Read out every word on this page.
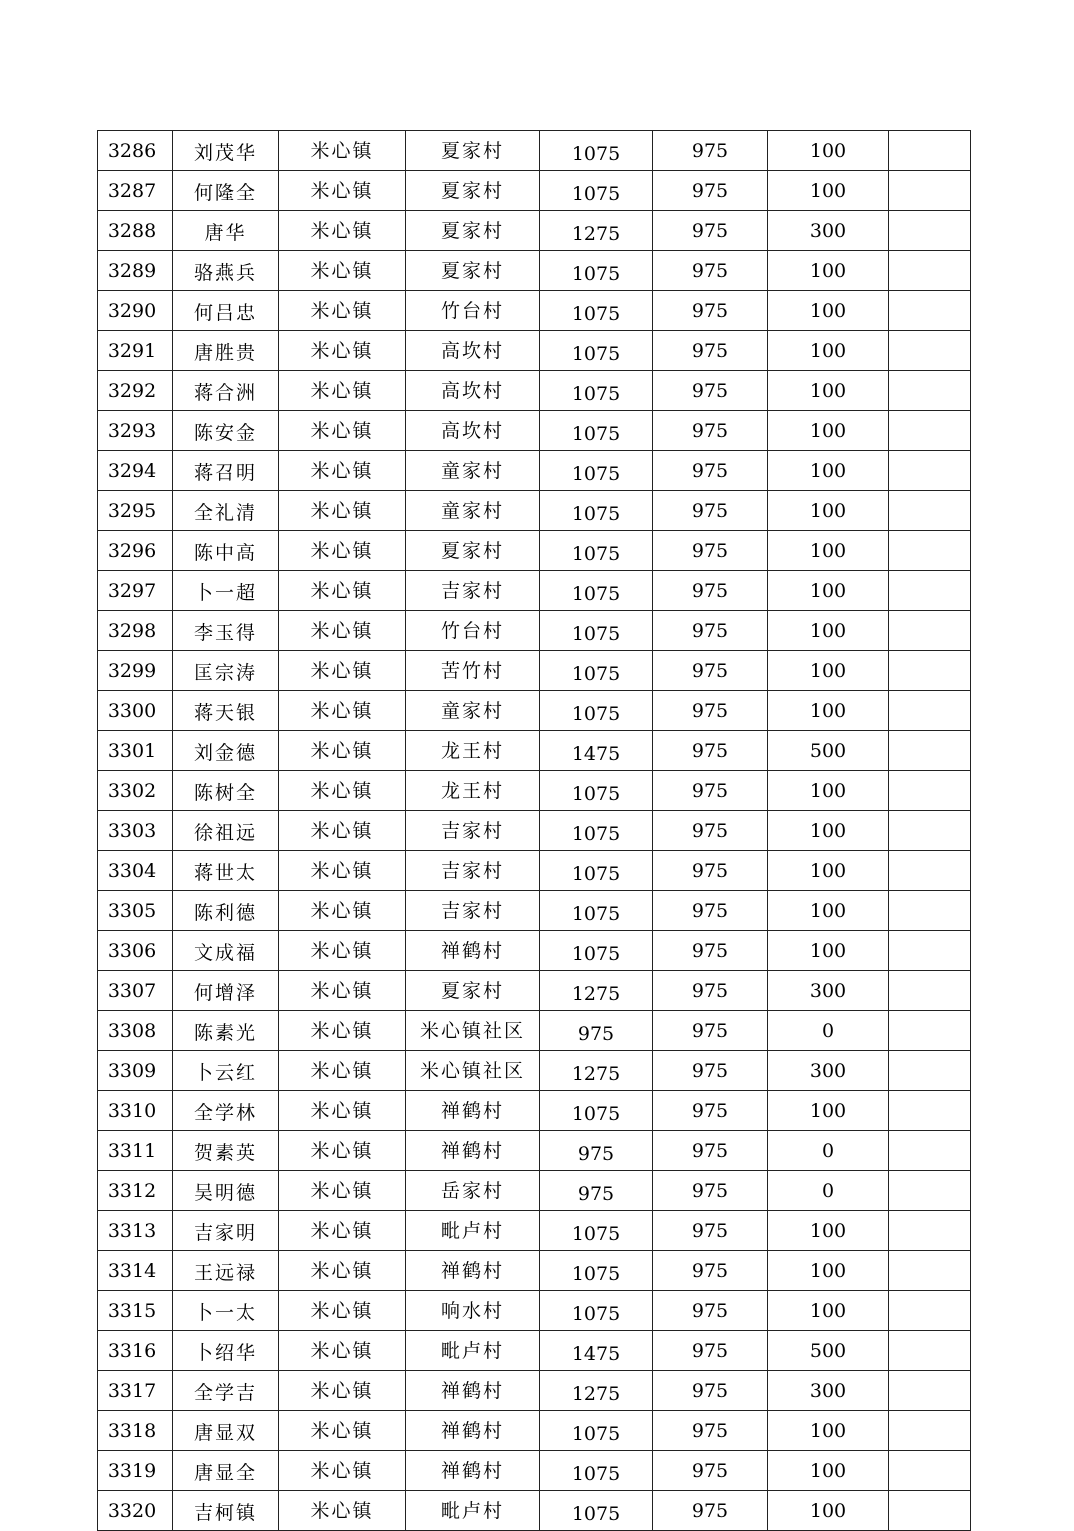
3286	刘茂华	米心镇	夏家村	1075	975	100	
3287	何隆全	米心镇	夏家村	1075	975	100	
3288	唐华	米心镇	夏家村	1275	975	300	
3289	骆燕兵	米心镇	夏家村	1075	975	100	
3290	何吕忠	米心镇	竹台村	1075	975	100	
3291	唐胜贵	米心镇	高坎村	1075	975	100	
3292	蒋合洲	米心镇	高坎村	1075	975	100	
3293	陈安金	米心镇	高坎村	1075	975	100	
3294	蒋召明	米心镇	童家村	1075	975	100	
3295	全礼清	米心镇	童家村	1075	975	100	
3296	陈中高	米心镇	夏家村	1075	975	100	
3297	卜一超	米心镇	吉家村	1075	975	100	
3298	李玉得	米心镇	竹台村	1075	975	100	
3299	匡宗涛	米心镇	苦竹村	1075	975	100	
3300	蒋天银	米心镇	童家村	1075	975	100	
3301	刘金德	米心镇	龙王村	1475	975	500	
3302	陈树全	米心镇	龙王村	1075	975	100	
3303	徐祖远	米心镇	吉家村	1075	975	100	
3304	蒋世太	米心镇	吉家村	1075	975	100	
3305	陈利德	米心镇	吉家村	1075	975	100	
3306	文成福	米心镇	禅鹤村	1075	975	100	
3307	何增泽	米心镇	夏家村	1275	975	300	
3308	陈素光	米心镇	米心镇社区	975	975	0	
3309	卜云红	米心镇	米心镇社区	1275	975	300	
3310	全学林	米心镇	禅鹤村	1075	975	100	
3311	贺素英	米心镇	禅鹤村	975	975	0	
3312	吴明德	米心镇	岳家村	975	975	0	
3313	吉家明	米心镇	毗卢村	1075	975	100	
3314	王远禄	米心镇	禅鹤村	1075	975	100	
3315	卜一太	米心镇	响水村	1075	975	100	
3316	卜绍华	米心镇	毗卢村	1475	975	500	
3317	全学吉	米心镇	禅鹤村	1275	975	300	
3318	唐显双	米心镇	禅鹤村	1075	975	100	
3319	唐显全	米心镇	禅鹤村	1075	975	100	
3320	吉柯镇	米心镇	毗卢村	1075	975	100	
